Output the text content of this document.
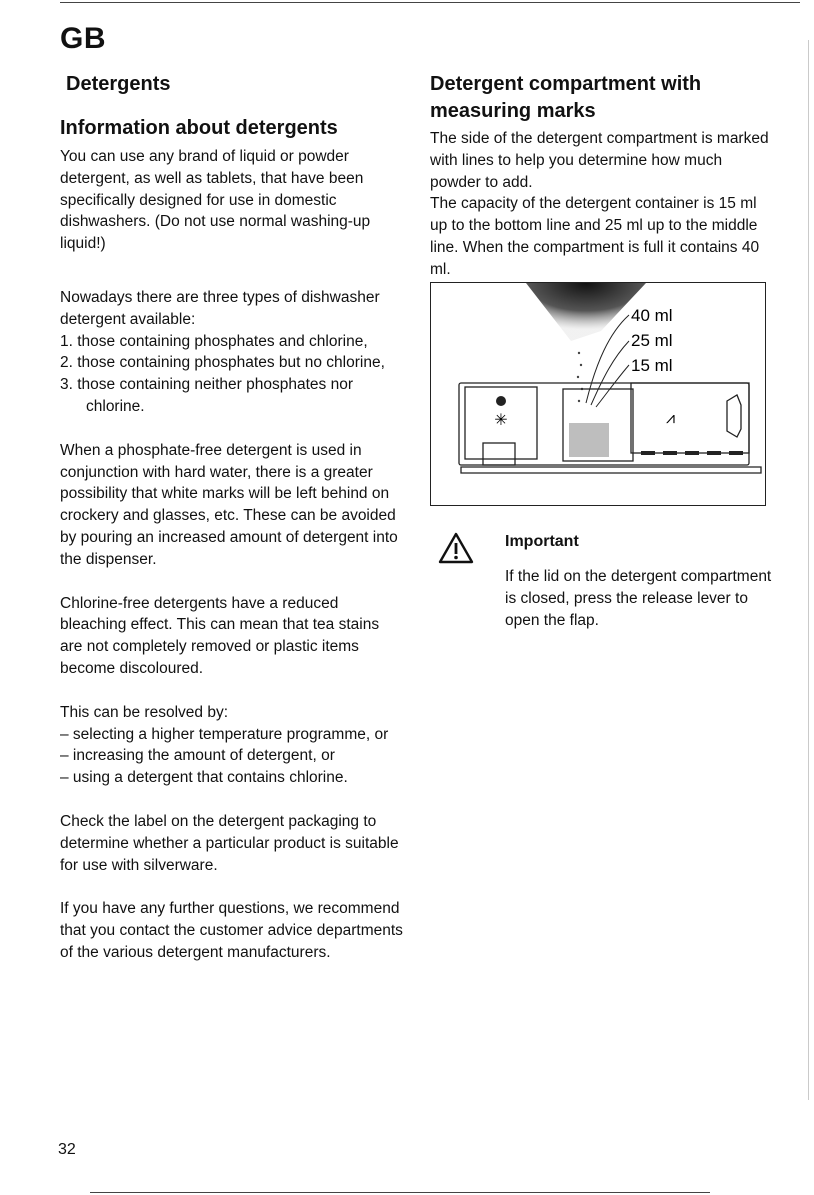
GB
Detergents
Information about detergents

You can use any brand of liquid or powder detergent, as well as tablets, that have been specifically designed for use in domestic dishwashers. (Do not use normal washing-up liquid!)

Nowadays there are three types of dishwasher detergent available:
1. those containing phosphates and chlorine,
2. those containing phosphates but no chlorine,
3. those containing neither phosphates nor chlorine.

When a phosphate-free detergent is used in conjunction with hard water, there is a greater possibility that white marks will be left behind on crockery and glasses, etc. These can be avoided by pouring an increased amount of detergent into the dispenser.

Chlorine-free detergents have a reduced bleaching effect. This can mean that tea stains are not completely removed or plastic items become discoloured.

This can be resolved by:
– selecting a higher temperature programme, or
– increasing the amount of detergent, or
– using a detergent that contains chlorine.

Check the label on the detergent packaging to determine whether a particular product is suitable for use with silverware.

If you have any further questions, we recommend that you contact the customer advice departments of the various detergent manufacturers.

Detergent compartment with measuring marks

The side of the detergent compartment is marked with lines to help you determine how much powder to add.

The capacity of the detergent container is 15 ml up to the bottom line and 25 ml up to the middle line. When the compartment is full it contains 40 ml.

✳	⩘
40 ml
25 ml
15 ml
Important
If the lid on the detergent compartment is closed, press the release lever to open the flap.
32
